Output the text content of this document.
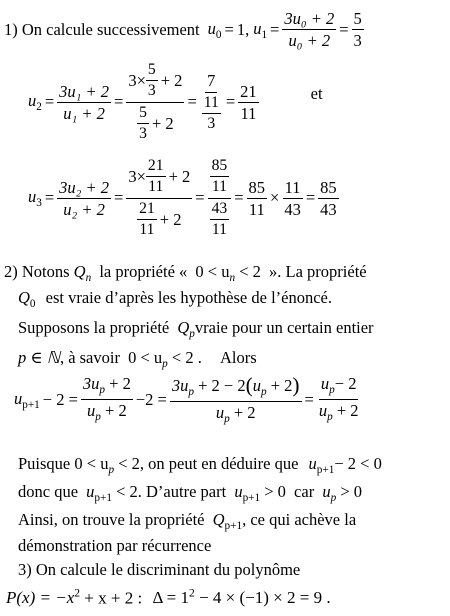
1) On calcule successivement $u_0 = 1$ , $u_1 = \frac{\text{3u₀ + 2}}{\text{u₀ + 2}} = \frac{5}{3}$
$u_2 = \frac{\text{3u₁ + 2}}{\text{u₁ + 2}} = \frac{3\times \frac{5}{3} + 2}{\frac{5}{3} + 2} = \frac{7}{\frac{11}{3}} = \frac{21}{11}$	et
$u_3 = \frac{\text{3u₂ + 2}}{\text{u₂ + 2}} = \frac{3\times \frac{21}{11} + 2}{\frac{21}{11} + 2} = \frac{\frac{85}{11}}{\frac{43}{11}} = \frac{85}{11} \times \frac{11}{43} = \frac{85}{43}$
2) Notons $Q_n$ la propriété « $0 < u_n < 2$ ». La propriété
$Q_0$ est vraie d’après les hypothèse de l’énoncé.
Supposons la propriété $Q_pvraie$ pour un certain entier
p ∈ ℕ, à savoir $0 < u_p < 2$ . Alors
$u_{p+1} - 2 = \frac{3u_p + 2}{u_p + 2} -2 = \frac{3u_p + 2 - 2(u_p + 2)}{u_p + 2} = \frac{u_p- 2}{u_p + 2}$
Puisque $0 < u_p < 2$, on peut en déduire que $u_{p+1}- 2 < 0$
donc que $u_{p+1} < 2$. D’autre part $u_{p+1} > 0$ car $u_p > 0$
Ainsi, on trouve la propriété $Q_{p+1}$, ce qui achève la
démonstration par récurrence
3) On calcule le discriminant du polynôme
$P(x) = -x^2 + x + 2$ : $\Delta = 1^2 - 4 \times (-1) \times 2 = 9$ .
